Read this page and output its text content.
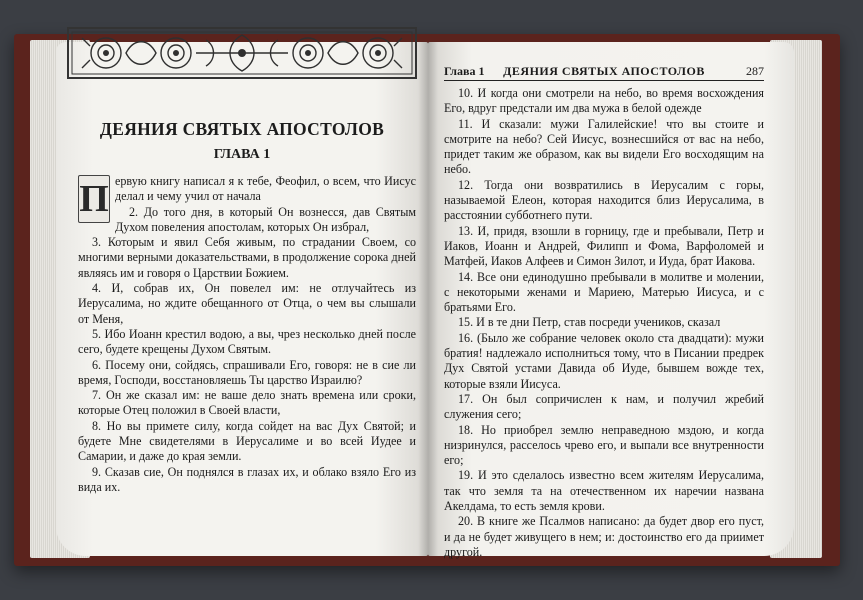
ДЕЯНИЯ СВЯТЫХ АПОСТОЛОВ
ГЛАВА 1

П ервую книгу написал я к тебе, Феофил, о всем, что Иисус делал и чему учил от начала

2. До того дня, в который Он вознесся, дав Святым Духом повеления апостолам, которых Он избрал,

3. Которым и явил Себя живым, по страдании Своем, со многими верными доказательствами, в продолжение сорока дней являясь им и говоря о Царствии Божием.

4. И, собрав их, Он повелел им: не отлучайтесь из Иерусалима, но ждите обещанного от Отца, о чем вы слышали от Меня,

5. Ибо Иоанн крестил водою, а вы, чрез несколько дней после сего, будете крещены Духом Святым.

6. Посему они, сойдясь, спрашивали Его, говоря: не в сие ли время, Господи, восстановляешь Ты царство Израилю?

7. Он же сказал им: не ваше дело знать времена или сроки, которые Отец положил в Своей власти,

8. Но вы примете силу, когда сойдет на вас Дух Святой; и будете Мне свидетелями в Иерусалиме и во всей Иудее и Самарии, и даже до края земли.

9. Сказав сие, Он поднялся в глазах их, и облако взяло Его из вида их.

Глава 1	ДЕЯНИЯ СВЯТЫХ АПОСТОЛОВ	287

10. И когда они смотрели на небо, во время восхождения Его, вдруг предстали им два мужа в белой одежде

11. И сказали: мужи Галилейские! что вы стоите и смотрите на небо? Сей Иисус, вознесшийся от вас на небо, придет таким же образом, как вы видели Его восходящим на небо.

12. Тогда они возвратились в Иерусалим с горы, называемой Елеон, которая находится близ Иерусалима, в расстоянии субботнего пути.

13. И, придя, взошли в горницу, где и пребывали, Петр и Иаков, Иоанн и Андрей, Филипп и Фома, Варфоломей и Матфей, Иаков Алфеев и Симон Зилот, и Иуда, брат Иакова.

14. Все они единодушно пребывали в молитве и молении, с некоторыми женами и Мариею, Матерью Иисуса, и с братьями Его.

15. И в те дни Петр, став посреди учеников, сказал

16. (Было же собрание человек около ста двадцати): мужи братия! надлежало исполниться тому, что в Писании предрек Дух Святой устами Давида об Иуде, бывшем вожде тех, которые взяли Иисуса.

17. Он был сопричислен к нам, и получил жребий служения сего;

18. Но приобрел землю неправедною мздою, и когда низринулся, расселось чрево его, и выпали все внутренности его;

19. И это сделалось известно всем жителям Иерусалима, так что земля та на отечественном их наречии названа Акелдама, то есть земля крови.

20. В книге же Псалмов написано: да будет двор его пуст, и да не будет живущего в нем; и: достоинство его да приимет другой.
